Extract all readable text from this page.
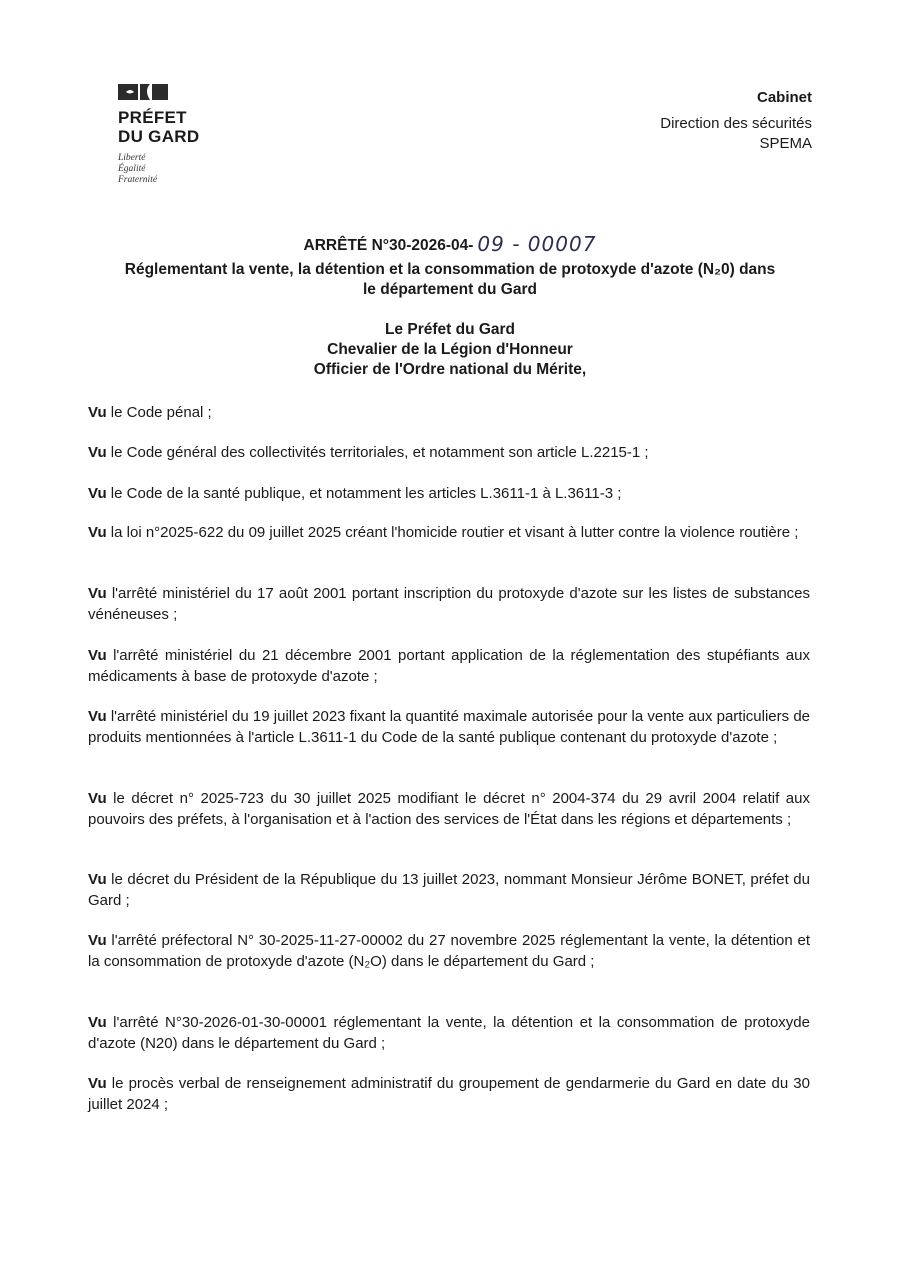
PRÉFET
DU GARD
Liberté
Égalité
Fraternité
Cabinet
Direction des sécurités
SPEMA
ARRÊTÉ N°30-2026-04- 09 - 00007
Réglementant la vente, la détention et la consommation de protoxyde d'azote (N₂0) dans
le département du Gard
Le Préfet du Gard
Chevalier de la Légion d'Honneur
Officier de l'Ordre national du Mérite,

Vu le Code pénal ;

Vu le Code général des collectivités territoriales, et notamment son article L.2215-1 ;

Vu le Code de la santé publique, et notamment les articles L.3611-1 à L.3611-3 ;

Vu la loi n°2025-622 du 09 juillet 2025 créant l'homicide routier et visant à lutter contre la violence routière ;

Vu l'arrêté ministériel du 17 août 2001 portant inscription du protoxyde d'azote sur les listes de substances vénéneuses ;

Vu l'arrêté ministériel du 21 décembre 2001 portant application de la réglementation des stupéfiants aux médicaments à base de protoxyde d'azote ;

Vu l'arrêté ministériel du 19 juillet 2023 fixant la quantité maximale autorisée pour la vente aux particuliers de produits mentionnées à l'article L.3611-1 du Code de la santé publique contenant du protoxyde d'azote ;

Vu le décret n° 2025-723 du 30 juillet 2025 modifiant le décret n° 2004-374 du 29 avril 2004 relatif aux pouvoirs des préfets, à l'organisation et à l'action des services de l'État dans les régions et départements ;

Vu le décret du Président de la République du 13 juillet 2023, nommant Monsieur Jérôme BONET, préfet du Gard ;

Vu l'arrêté préfectoral N° 30-2025-11-27-00002 du 27 novembre 2025 réglementant la vente, la détention et la consommation de protoxyde d'azote (N₂O) dans le département du Gard ;

Vu l'arrêté N°30-2026-01-30-00001 réglementant la vente, la détention et la consommation de protoxyde d'azote (N20) dans le département du Gard ;

Vu le procès verbal de renseignement administratif du groupement de gendarmerie du Gard en date du 30 juillet 2024 ;
